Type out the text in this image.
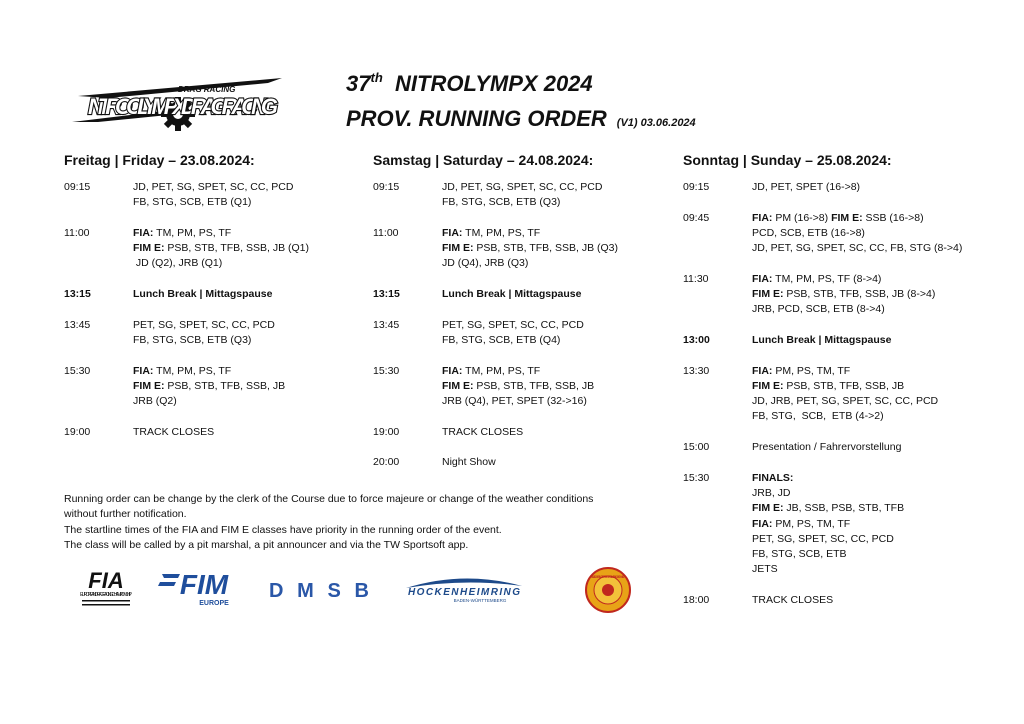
DRAG RACING
NITRO OLYMPX DRAG RACING
37th NITROLYMPX 2024
PROV. RUNNING ORDER (V1) 03.06.2024
Freitag | Friday – 23.08.2024:	Samstag | Saturday – 24.08.2024:	Sonntag | Sunday – 25.08.2024:
09:15	JD, PET, SG, SPET, SC, CC, PCD
FB, STG, SCB, ETB (Q1)
11:00	FIA: TM, PM, PS, TF
FIM E: PSB, STB, TFB, SSB, JB (Q1)
JD (Q2), JRB (Q1)
13:15	Lunch Break | Mittagspause
13:45	PET, SG, SPET, SC, CC, PCD
FB, STG, SCB, ETB (Q3)
15:30	FIA: TM, PM, PS, TF
FIM E: PSB, STB, TFB, SSB, JB
JRB (Q2)
19:00	TRACK CLOSES
09:15	JD, PET, SG, SPET, SC, CC, PCD
FB, STG, SCB, ETB (Q3)
11:00	FIA: TM, PM, PS, TF
FIM E: PSB, STB, TFB, SSB, JB (Q3)
JD (Q4), JRB (Q3)
13:15	Lunch Break | Mittagspause
13:45	PET, SG, SPET, SC, CC, PCD
FB, STG, SCB, ETB (Q4)
15:30	FIA: TM, PM, PS, TF
FIM E: PSB, STB, TFB, SSB, JB
JRB (Q4), PET, SPET (32->16)
19:00	TRACK CLOSES
20:00	Night Show
09:15	JD, PET, SPET (16->8)
09:45	FIA: PM (16->8) FIM E: SSB (16->8)
PCD, SCB, ETB (16->8)
JD, PET, SG, SPET, SC, CC, FB, STG (8->4)
11:30	FIA: TM, PM, PS, TF (8->4)
FIM E: PSB, STB, TFB, SSB, JB (8->4)
JRB, PCD, SCB, ETB (8->4)
13:00	Lunch Break | Mittagspause
13:30	FIA: PM, PS, TM, TF
FIM E: PSB, STB, TFB, SSB, JB
JD, JRB, PET, SG, SPET, SC, CC, PCD
FB, STG,  SCB,  ETB (4->2)
15:00	Presentation / Fahrervorstellung
15:30	FINALS:
JRB, JD
FIM E: JB, SSB, PSB, STB, TFB
FIA: PM, PS, TM, TF
PET, SG, SPET, SC, CC, PCD
FB, STG, SCB, ETB
JETS
18:00	TRACK CLOSES
Running order can be change by the clerk of the Course due to force majeure or change of the weather conditions
without further notification.
The startline times of the FIA and FIM E classes have priority in the running order of the event.
The class will be called by a pit marshal, a pit announcer and via the TW Sportsoft app.
FIA
EUROPEAN DRAG RACING CHAMPIONSHIP FIM
EUROPE
DMSB	HOCKENHEIMRING
BADEN-WÜRTTEMBERG
BADISCHER MOTORSPORT-CLUB E.V. HOCKENHEIM
